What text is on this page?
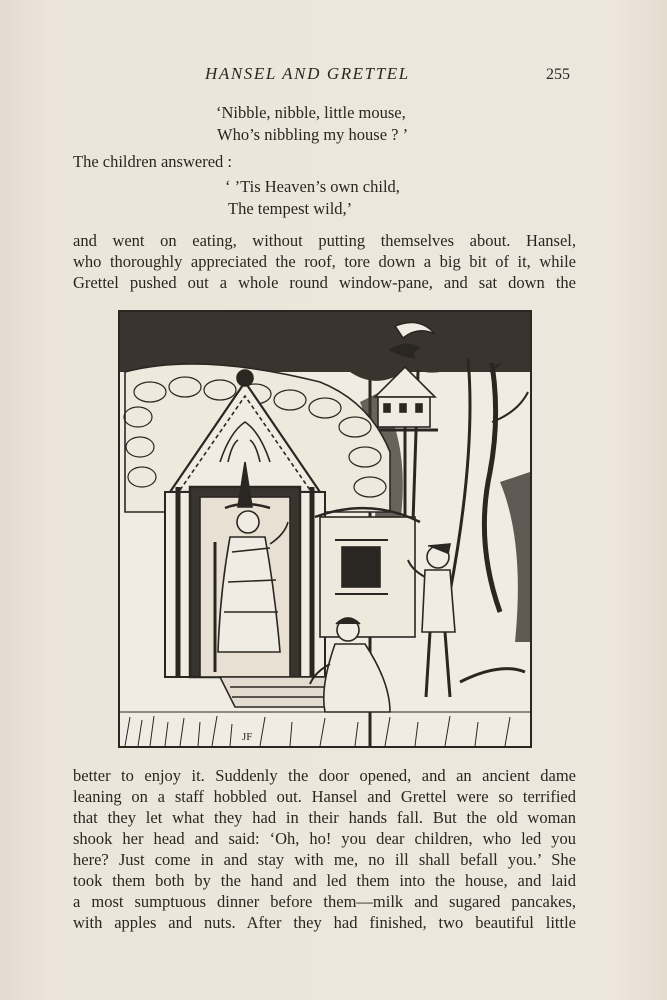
HANSEL AND GRETTEL	255
‘Nibble, nibble, little mouse,
Who’s nibbling my house ? ’
The children answered :
‘ ’Tis Heaven’s own child,
The tempest wild,’
and went on eating, without putting themselves about. Hansel,
who thoroughly appreciated the roof, tore down a big bit of it, while
Grettel pushed out a whole round window-pane, and sat down the
JF
better to enjoy it. Suddenly the door opened, and an ancient dame
leaning on a staff hobbled out. Hansel and Grettel were so terrified
that they let what they had in their hands fall. But the old woman
shook her head and said: ‘Oh, ho! you dear children, who led you
here? Just come in and stay with me, no ill shall befall you.’ She
took them both by the hand and led them into the house, and laid
a most sumptuous dinner before them—milk and sugared pancakes,
with apples and nuts. After they had finished, two beautiful little
